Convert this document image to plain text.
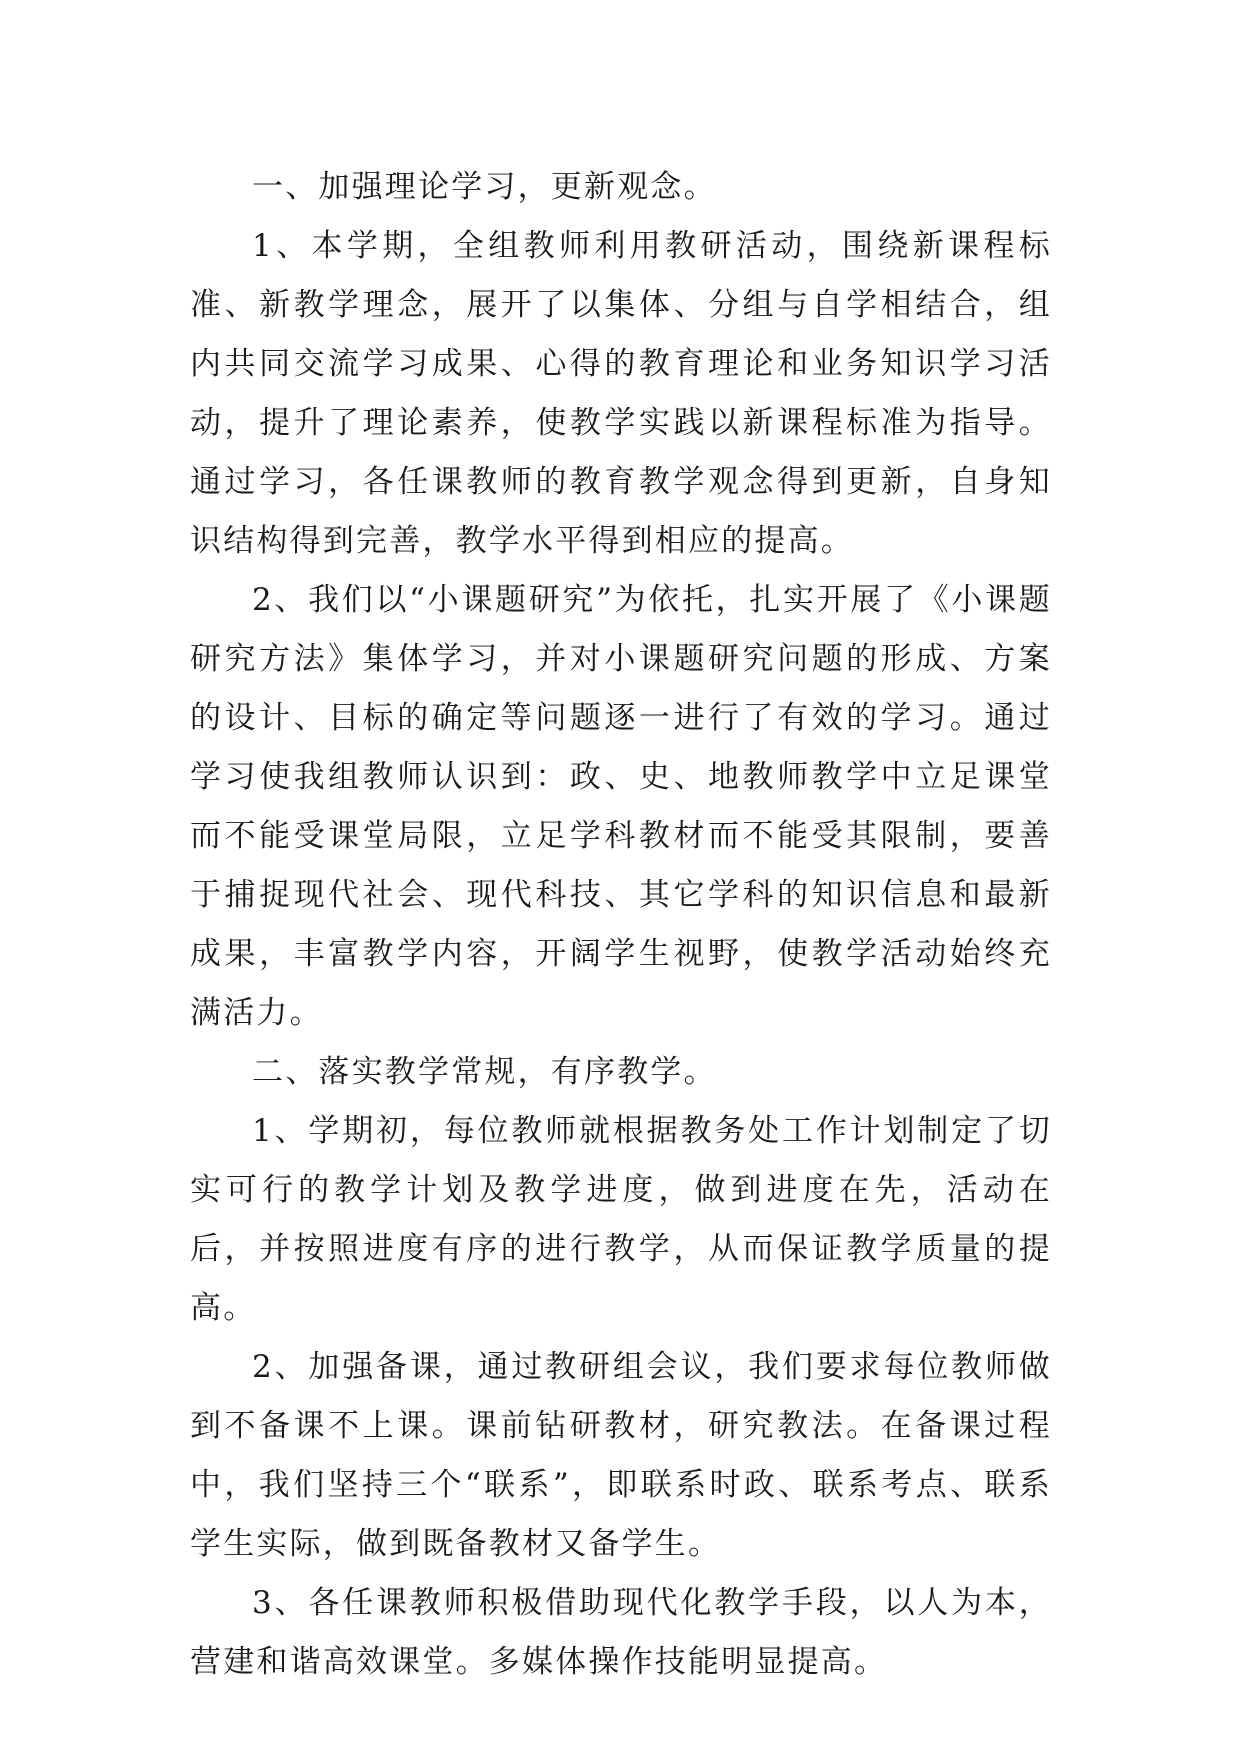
一、加强理论学习，更新观念。

1、本学期，全组教师利用教研活动，围绕新课程标准、新教学理念，展开了以集体、分组与自学相结合，组内共同交流学习成果、心得的教育理论和业务知识学习活动，提升了理论素养，使教学实践以新课程标准为指导。通过学习，各任课教师的教育教学观念得到更新，自身知识结构得到完善，教学水平得到相应的提高。

2、我们以“小课题研究”为依托，扎实开展了《小课题研究方法》集体学习，并对小课题研究问题的形成、方案的设计、目标的确定等问题逐一进行了有效的学习。通过学习使我组教师认识到：政、史、地教师教学中立足课堂而不能受课堂局限，立足学科教材而不能受其限制，要善于捕捉现代社会、现代科技、其它学科的知识信息和最新成果，丰富教学内容，开阔学生视野，使教学活动始终充满活力。

二、落实教学常规，有序教学。

1、学期初，每位教师就根据教务处工作计划制定了切实可行的教学计划及教学进度，做到进度在先，活动在后，并按照进度有序的进行教学，从而保证教学质量的提高。

2、加强备课，通过教研组会议，我们要求每位教师做到不备课不上课。课前钻研教材，研究教法。在备课过程中，我们坚持三个“联系”，即联系时政、联系考点、联系学生实际，做到既备教材又备学生。

3、各任课教师积极借助现代化教学手段，以人为本，营建和谐高效课堂。多媒体操作技能明显提高。
